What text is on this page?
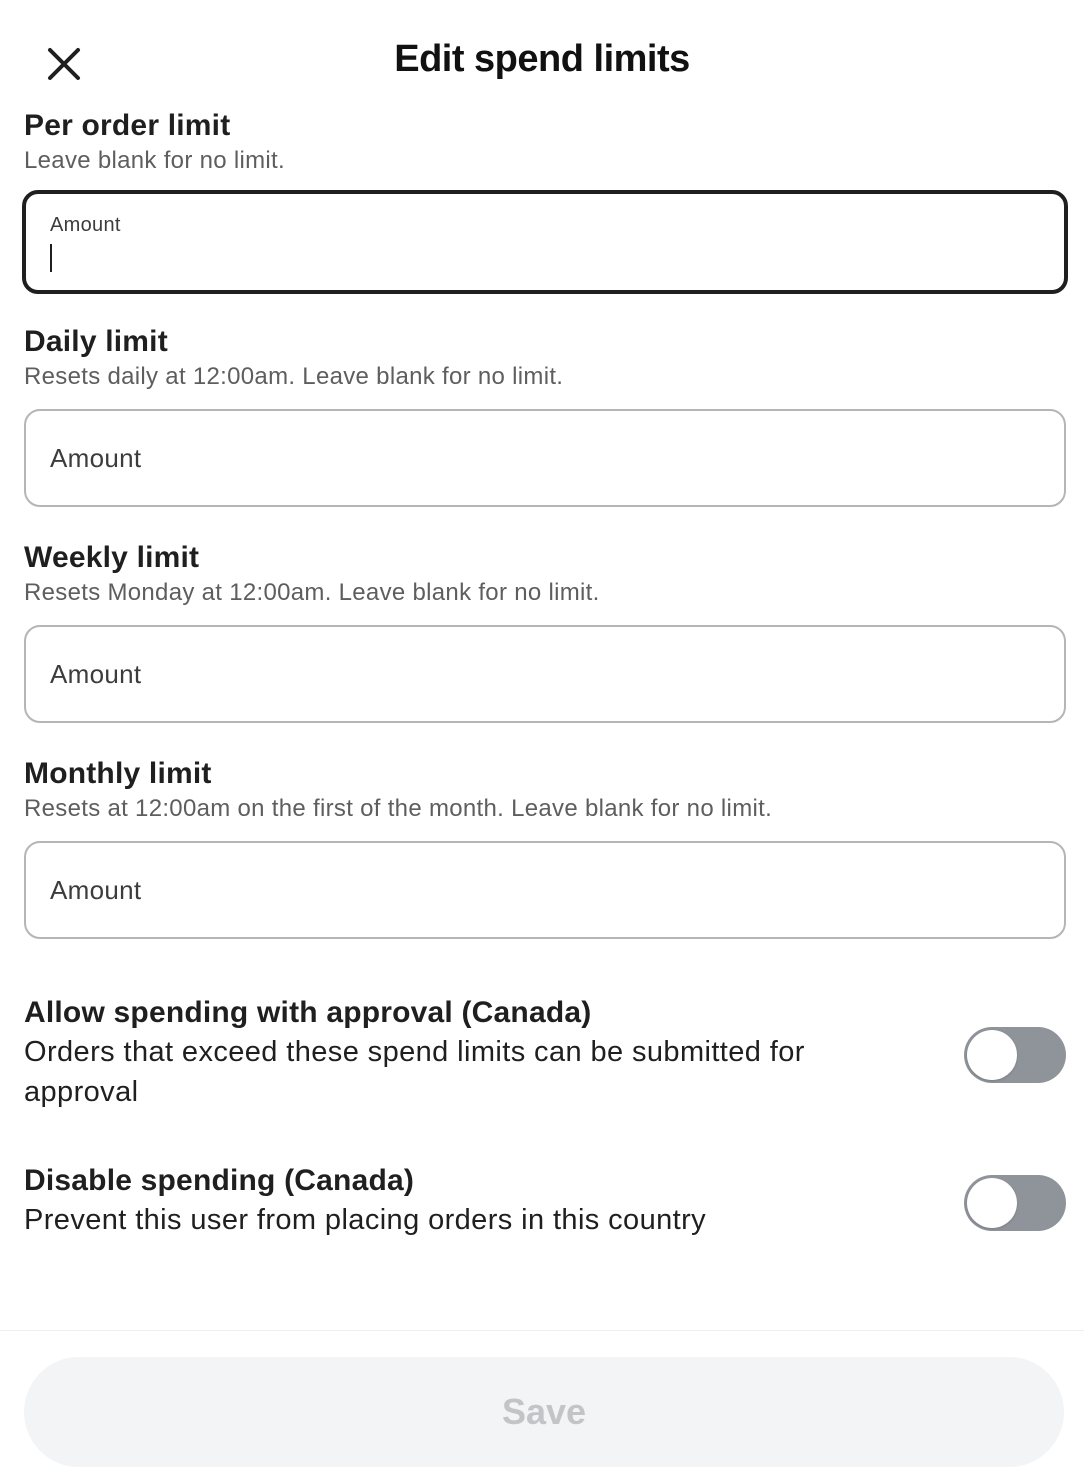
Edit spend limits
Per order limit
Leave blank for no limit.
Amount
Daily limit
Resets daily at 12:00am. Leave blank for no limit.
Amount
Weekly limit
Resets Monday at 12:00am. Leave blank for no limit.
Amount
Monthly limit
Resets at 12:00am on the first of the month. Leave blank for no limit.
Amount
Allow spending with approval (Canada)
Orders that exceed these spend limits can be submitted for approval
Disable spending (Canada)
Prevent this user from placing orders in this country
Save
